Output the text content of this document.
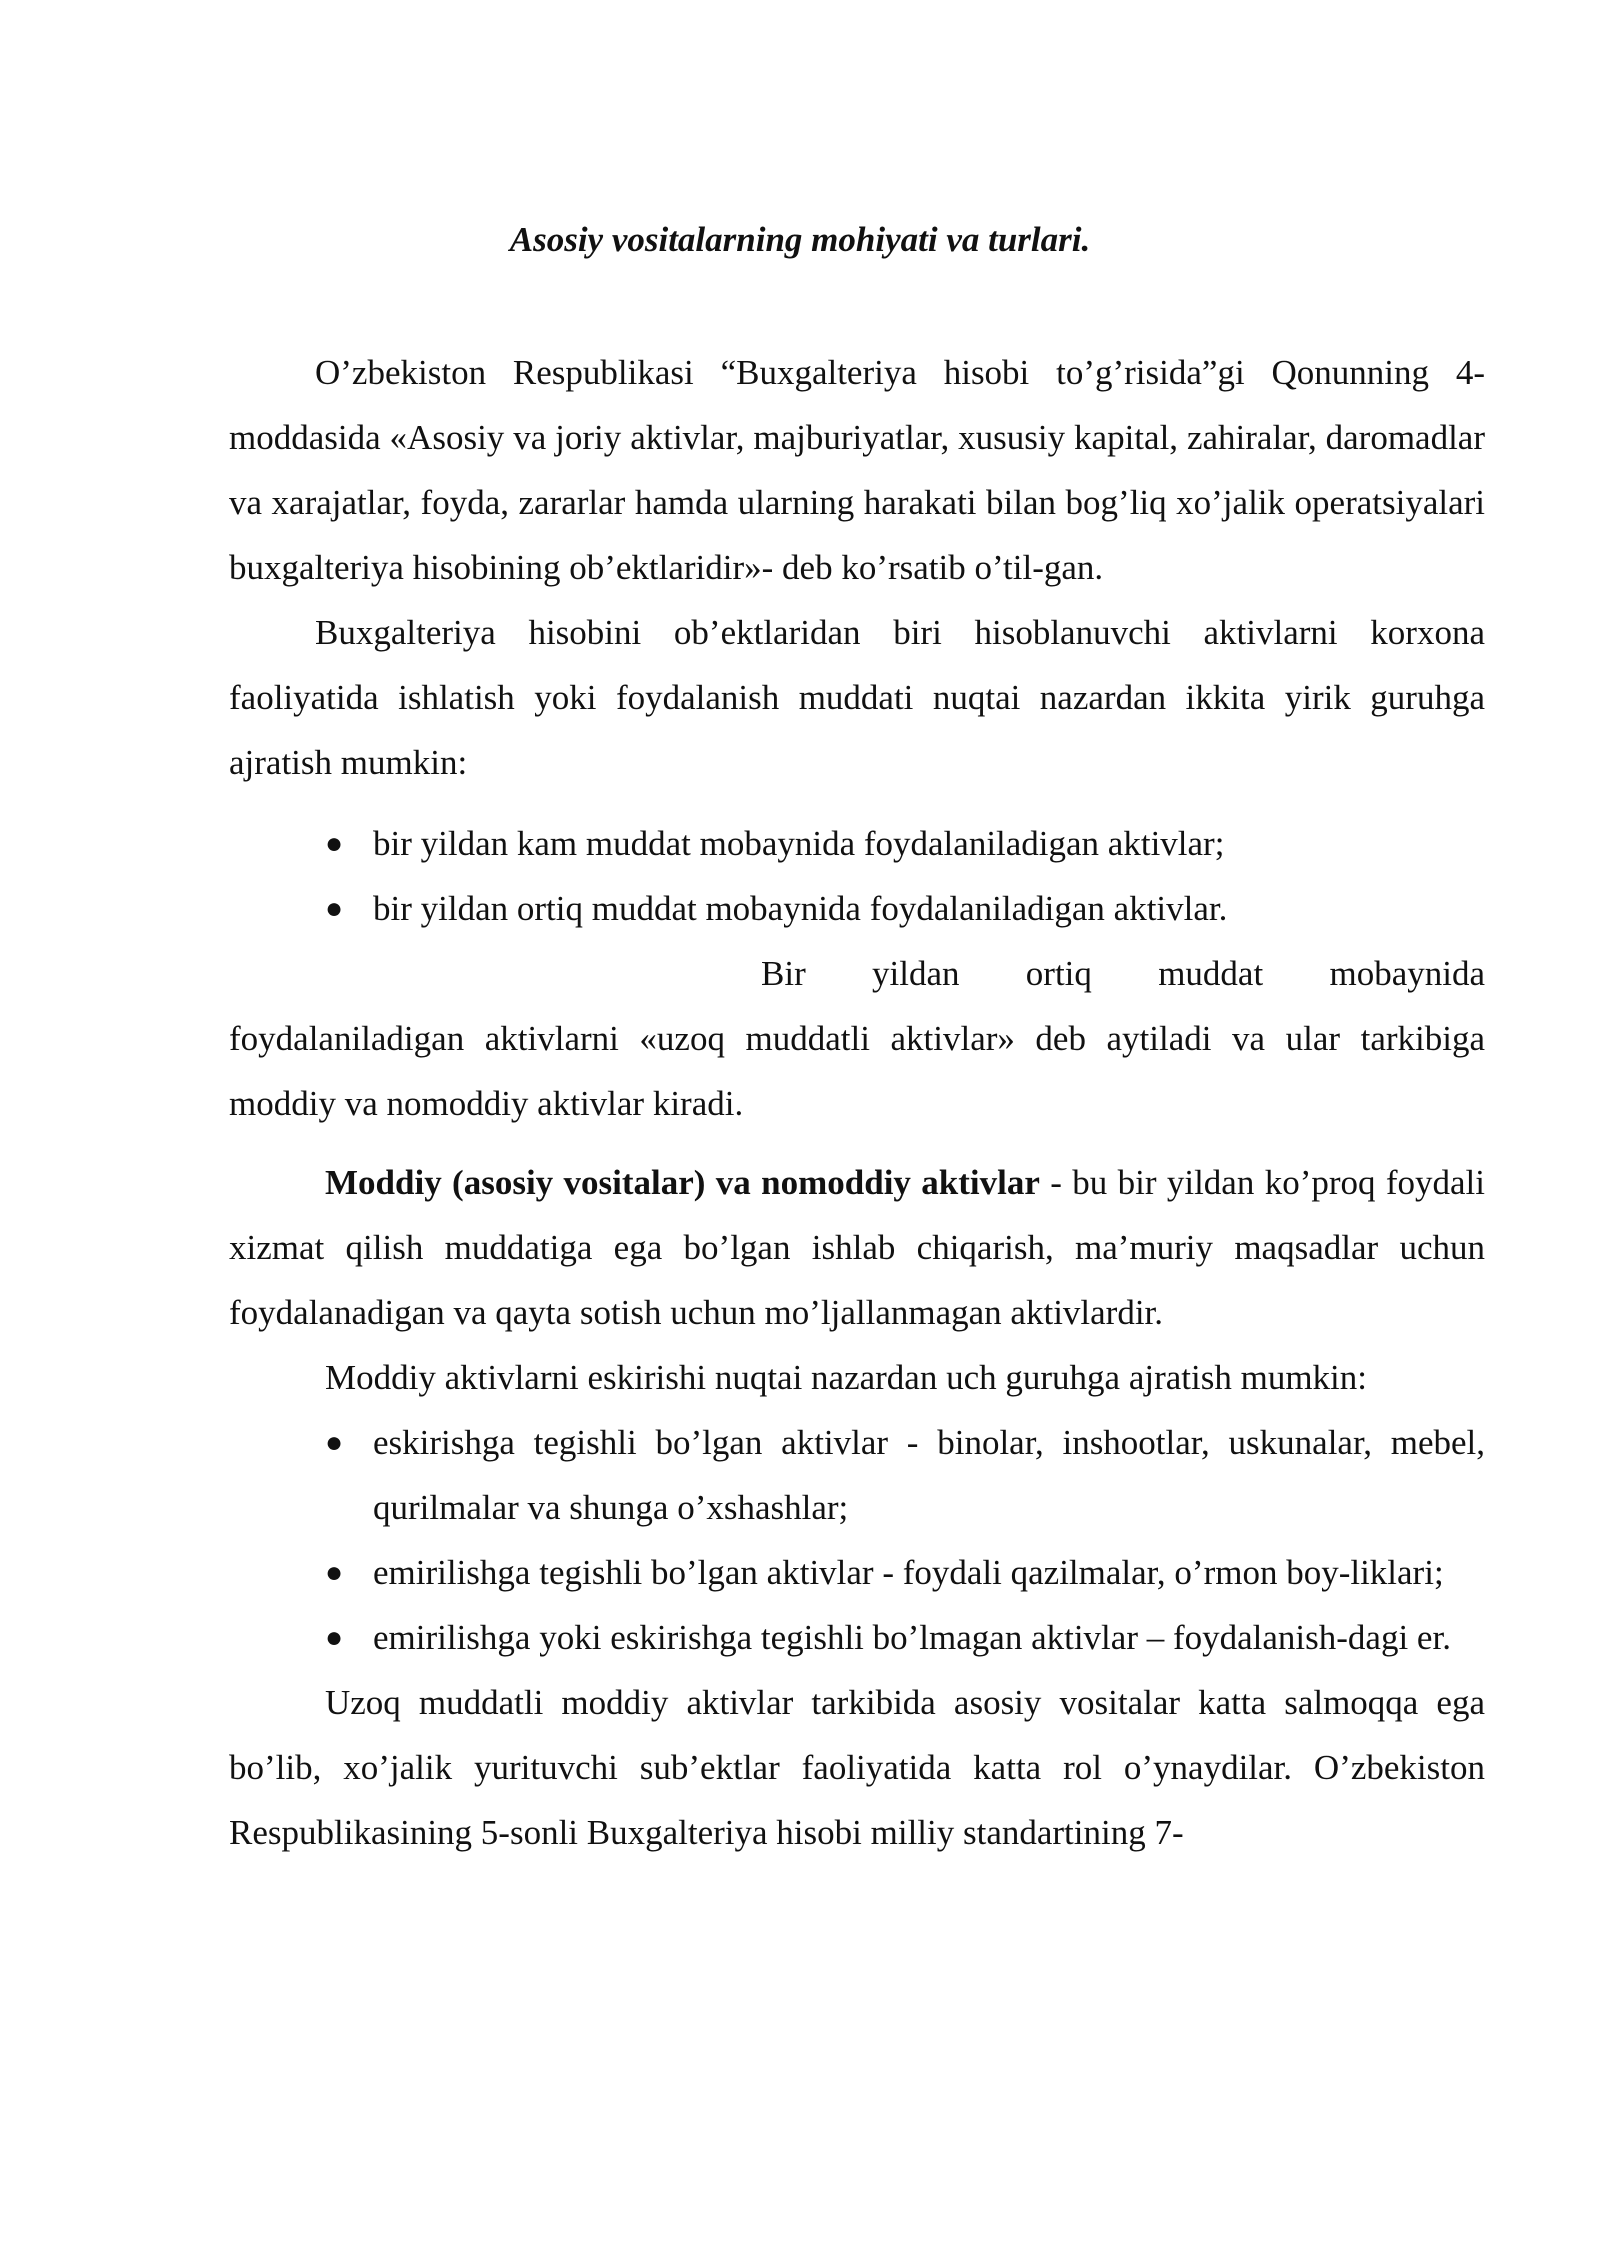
Asosiy vositalarning mohiyati va turlari.

O’zbekiston Respublikasi “Buxgalteriya hisobi to’g’risida”gi Qonunning 4-moddasida «Asosiy va joriy aktivlar, majburiyatlar, xususiy kapital, zahiralar, daromadlar va xarajatlar, foyda, zararlar hamda ularning harakati bilan bog’liq xo’jalik operatsiyalari buxgalteriya hisobining ob’ektlaridir»- deb ko’rsatib o’til-gan.

Buxgalteriya hisobini ob’ektlaridan biri hisoblanuvchi aktivlarni korxona faoliyatida ishlatish yoki foydalanish muddati nuqtai nazardan ikkita yirik guruhga ajratish mumkin:

● bir yildan kam muddat mobaynida foydalaniladigan aktivlar;
● bir yildan ortiq muddat mobaynida foydalaniladigan aktivlar.

Bir yildan ortiq muddat mobaynida foydalaniladigan aktivlarni «uzoq muddatli aktivlar» deb aytiladi va ular tarkibiga moddiy va nomoddiy aktivlar kiradi.

Moddiy (asosiy vositalar) va nomoddiy aktivlar - bu bir yildan ko’proq foydali xizmat qilish muddatiga ega bo’lgan ishlab chiqarish, ma’muriy maqsadlar uchun foydalanadigan va qayta sotish uchun mo’ljallanmagan aktivlardir.

Moddiy aktivlarni eskirishi nuqtai nazardan uch guruhga ajratish mumkin:

● eskirishga tegishli bo’lgan aktivlar - binolar, inshootlar, uskunalar, mebel, qurilmalar va shunga o’xshashlar;
● emirilishga tegishli bo’lgan aktivlar - foydali qazilmalar, o’rmon boy-liklari;
● emirilishga yoki eskirishga tegishli bo’lmagan aktivlar – foydalanish-dagi er.

Uzoq muddatli moddiy aktivlar tarkibida asosiy vositalar katta salmoqqa ega bo’lib, xo’jalik yurituvchi sub’ektlar faoliyatida katta rol o’ynaydilar. O’zbekiston Respublikasining 5-sonli Buxgalteriya hisobi milliy standartining 7-
